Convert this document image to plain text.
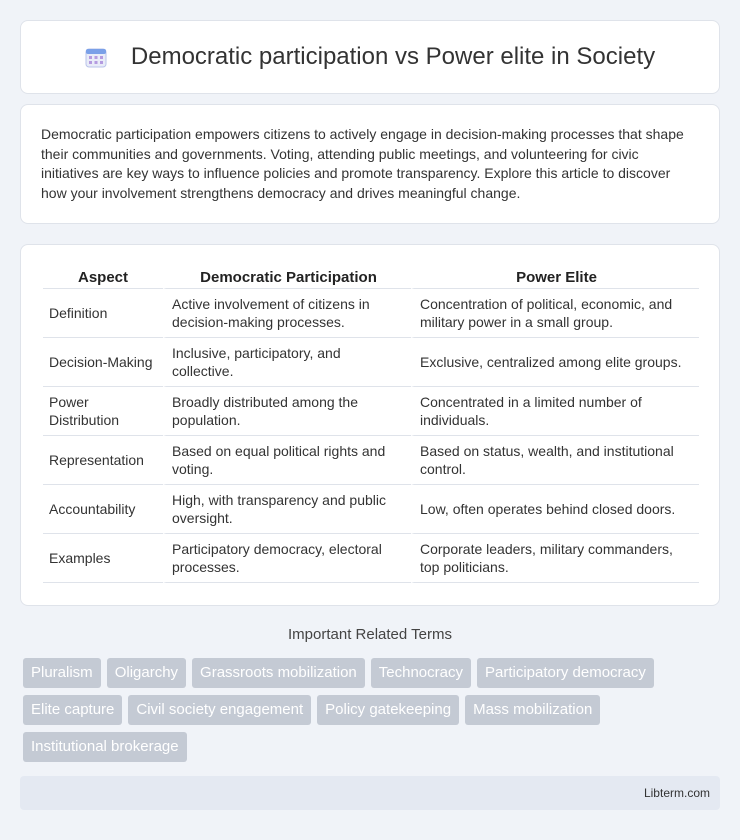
Democratic participation vs Power elite in Society

Democratic participation empowers citizens to actively engage in decision-making processes that shape their communities and governments. Voting, attending public meetings, and volunteering for civic initiatives are key ways to influence policies and promote transparency. Explore this article to discover how your involvement strengthens democracy and drives meaningful change.

Aspect	Democratic Participation	Power Elite
Definition	Active involvement of citizens in decision-making processes.	Concentration of political, economic, and military power in a small group.
Decision-Making	Inclusive, participatory, and collective.	Exclusive, centralized among elite groups.
Power Distribution	Broadly distributed among the population.	Concentrated in a limited number of individuals.
Representation	Based on equal political rights and voting.	Based on status, wealth, and institutional control.
Accountability	High, with transparency and public oversight.	Low, often operates behind closed doors.
Examples	Participatory democracy, electoral processes.	Corporate leaders, military commanders, top politicians.
Important Related Terms
Pluralism	Oligarchy	Grassroots mobilization	Technocracy	Participatory democracy
Elite capture	Civil society engagement	Policy gatekeeping	Mass mobilization
Institutional brokerage
Libterm.com
